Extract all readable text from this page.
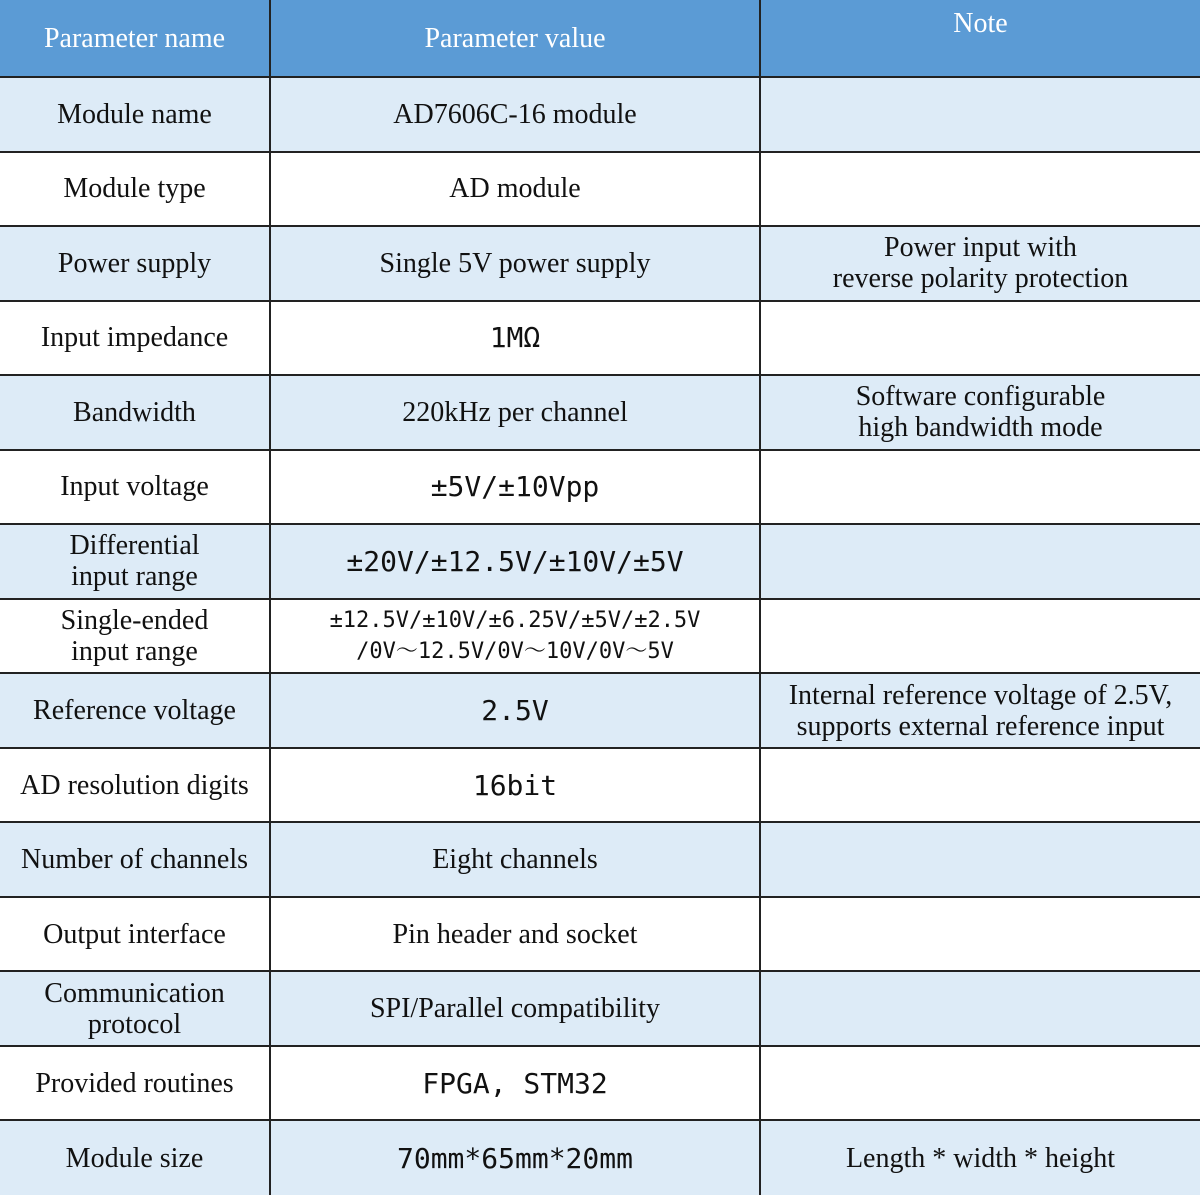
Parameter name	Parameter value	Note
Module name	AD7606C-16 module	
Module type	AD module	
Power supply	Single 5V power supply	Power input with
reverse polarity protection
Input impedance	1MΩ	
Bandwidth	220kHz per channel	Software configurable
high bandwidth mode
Input voltage	±5V/±10Vpp	
Differential
input range	±20V/±12.5V/±10V/±5V	
Single-ended
input range	±12.5V/±10V/±6.25V/±5V/±2.5V
/0V～12.5V/0V～10V/0V～5V	
Reference voltage	2.5V	Internal reference voltage of 2.5V,
supports external reference input
AD resolution digits	16bit	
Number of channels	Eight channels	
Output interface	Pin header and socket	
Communication
protocol	SPI/Parallel compatibility	
Provided routines	FPGA, STM32	
Module size	70mm*65mm*20mm	Length * width * height
